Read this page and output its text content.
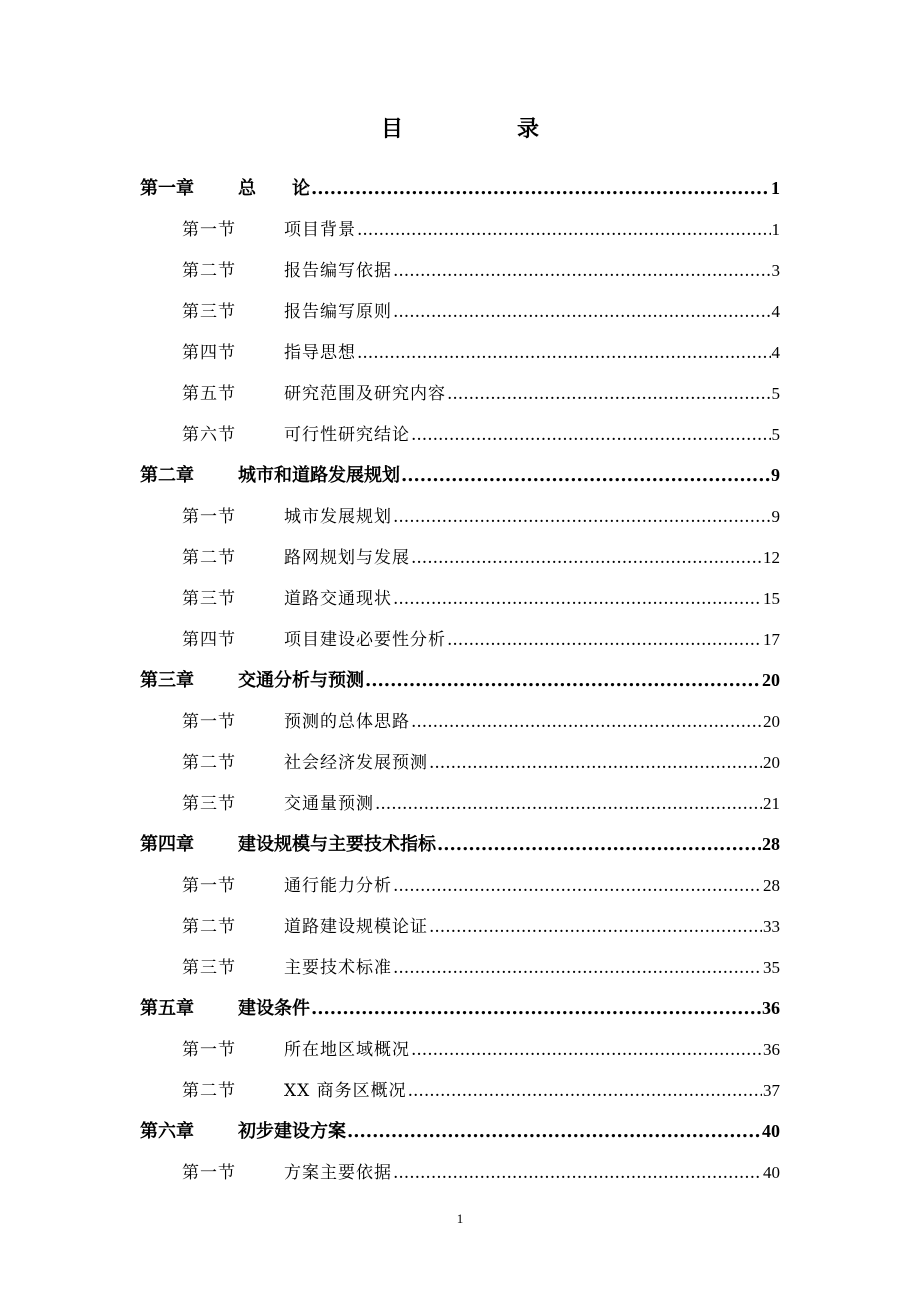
目　录
第一章	总　　论 .....	1
第一节	项目背景 .....	1
第二节	报告编写依据 .....	3
第三节	报告编写原则 .....	4
第四节	指导思想 .....	4
第五节	研究范围及研究内容 .....	5
第六节	可行性研究结论 .....	5
第二章	城市和道路发展规划 .....	9
第一节	城市发展规划 .....	9
第二节	路网规划与发展 .....	12
第三节	道路交通现状 .....	15
第四节	项目建设必要性分析 .....	17
第三章	交通分析与预测 .....	20
第一节	预测的总体思路 .....	20
第二节	社会经济发展预测 .....	20
第三节	交通量预测 .....	21
第四章	建设规模与主要技术指标 .....	28
第一节	通行能力分析 .....	28
第二节	道路建设规模论证 .....	33
第三节	主要技术标准 .....	35
第五章	建设条件 .....	36
第一节	所在地区域概况 .....	36
第二节	XX 商务区概况 .....	37
第六章	初步建设方案 .....	40
第一节	方案主要依据 .....	40
1
